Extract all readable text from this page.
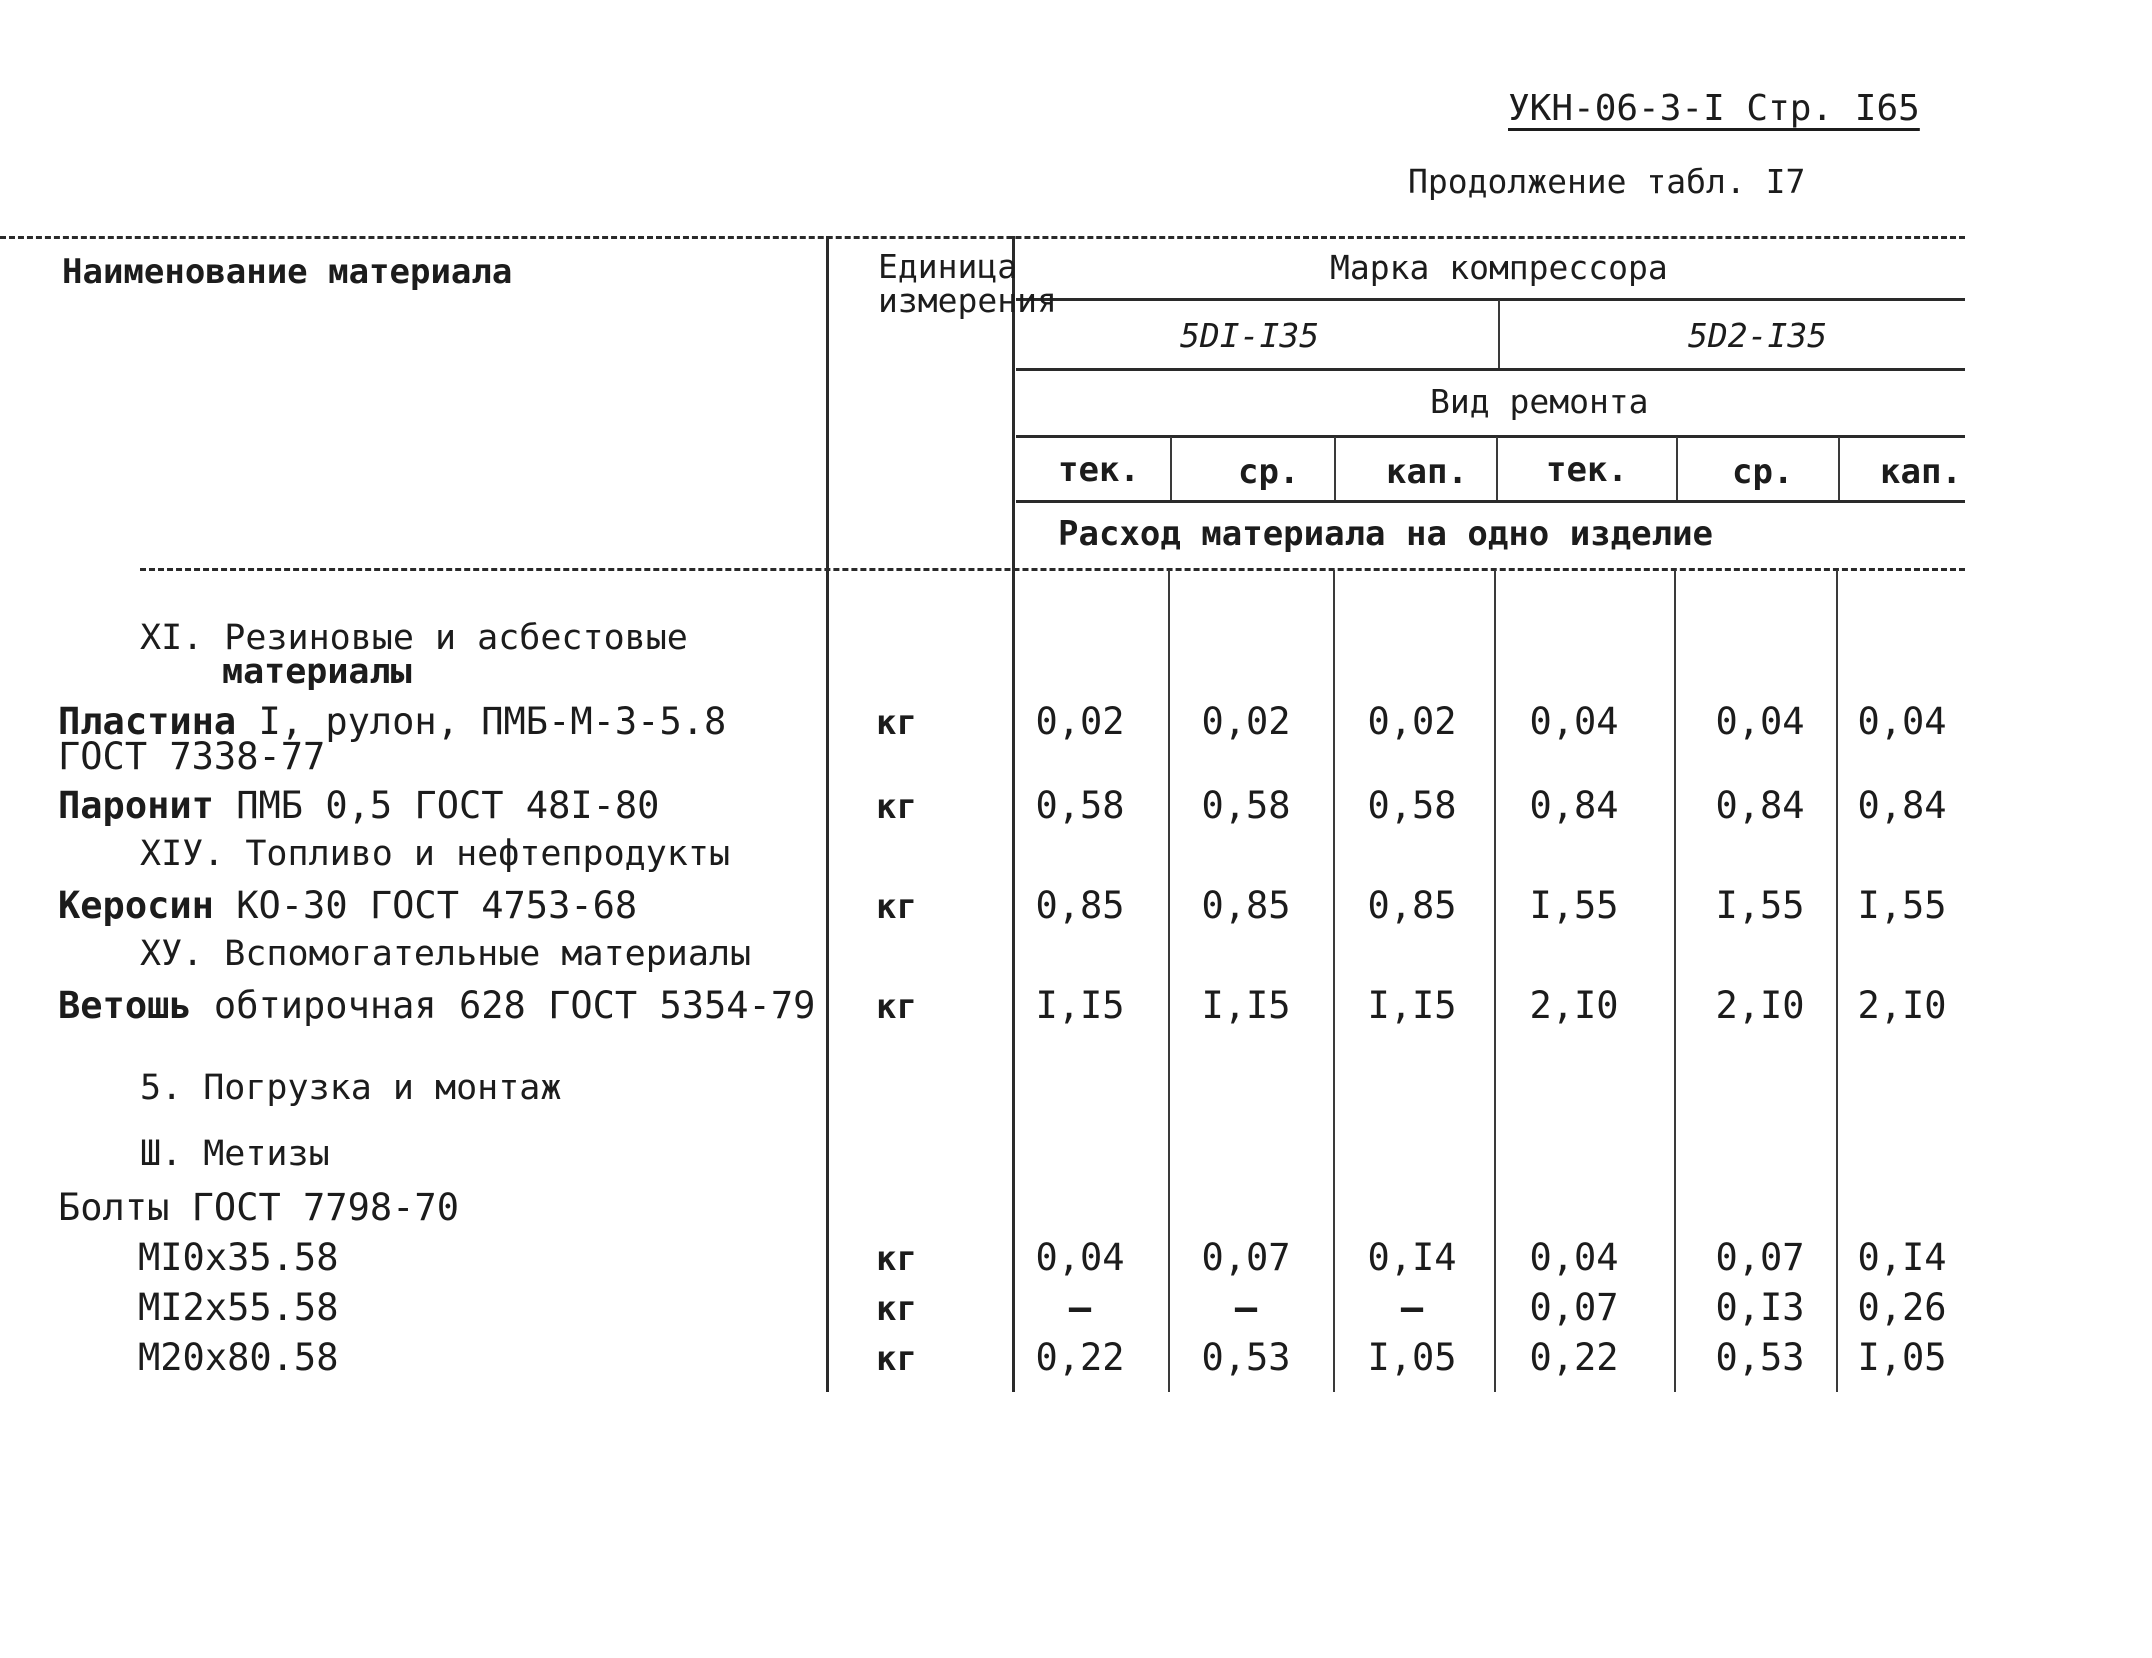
УКН-06-3-I Стр. I65
Продолжение табл. I7
Наименование материала	Единица
измерения
Марка компрессора
5DI-I35	5D2-I35
Вид ремонта
тек.	ср.	кап. тек.	ср.	кап.
Расход материала на одно изделие
XI. Резиновые и асбестовые
материалы
Пластина I, рулон, ПМБ-М-3-5.8
ГОСТ 7338-77
кг	0,02	0,02	0,02	0,04	0,04	0,04
Паронит ПМБ 0,5 ГОСТ 48I-80	кг	0,58	0,58	0,58	0,84	0,84	0,84
XIУ. Топливо и нефтепродукты
Керосин КО-30 ГОСТ 4753-68	кг	0,85	0,85	0,85	I,55	I,55	I,55
ХУ. Вспомогательные материалы
Ветошь обтирочная 628 ГОСТ 5354-79 кг	I,I5	I,I5	I,I5	2,I0	2,I0	2,I0
5. Погрузка и монтаж
Ш. Метизы
Болты ГОСТ 7798-70
MI0x35.58	кг	0,04	0,07	0,I4	0,04	0,07	0,I4
MI2x55.58	кг	–	–	–	0,07	0,I3	0,26
M20x80.58	кг	0,22	0,53	I,05	0,22	0,53	I,05
